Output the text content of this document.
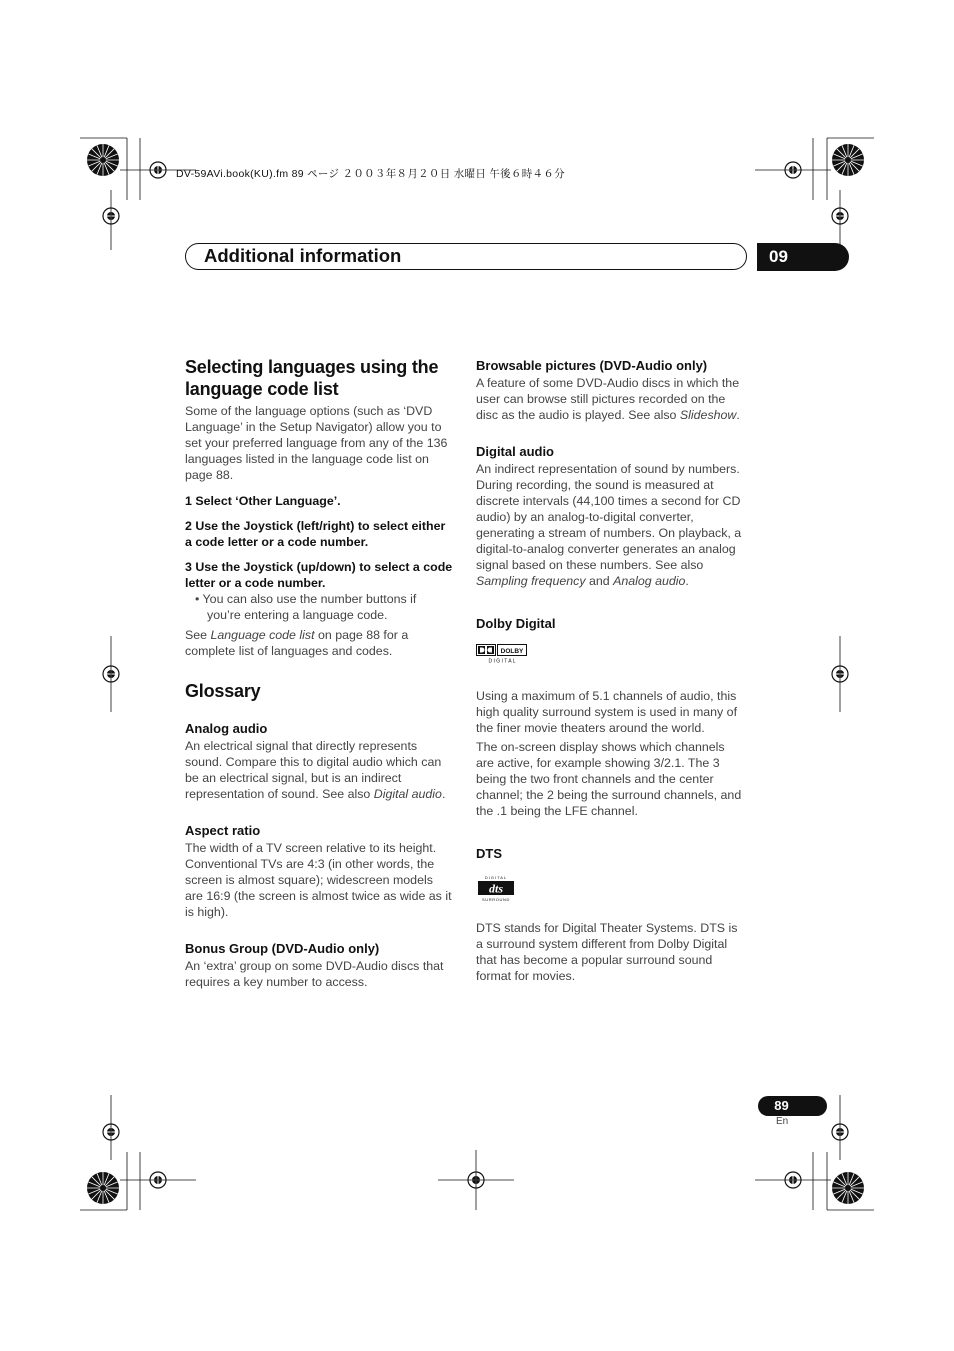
DV-59AVi.book(KU).fm 89 ページ ２００３年８月２０日 水曜日 午後６時４６分
Additional information	09
Selecting languages using the language code list

Some of the language options (such as ‘DVD Language’ in the Setup Navigator) allow you to set your preferred language from any of the 136 languages listed in the language code list on page 88.

1 Select ‘Other Language’.
2 Use the Joystick (left/right) to select either a code letter or a code number.
3 Use the Joystick (up/down) to select a code letter or a code number.
• You can also use the number buttons if you’re entering a language code.

See Language code list on page 88 for a complete list of languages and codes.

Glossary
Analog audio

An electrical signal that directly represents sound. Compare this to digital audio which can be an electrical signal, but is an indirect representation of sound. See also Digital audio.

Aspect ratio

The width of a TV screen relative to its height. Conventional TVs are 4:3 (in other words, the screen is almost square); widescreen models are 16:9 (the screen is almost twice as wide as it is high).

Bonus Group (DVD-Audio only)

An ‘extra’ group on some DVD-Audio discs that requires a key number to access.

Browsable pictures (DVD-Audio only)

A feature of some DVD-Audio discs in which the user can browse still pictures recorded on the disc as the audio is played. See also Slideshow.

Digital audio

An indirect representation of sound by numbers. During recording, the sound is measured at discrete intervals (44,100 times a second for CD audio) by an analog-to-digital converter, generating a stream of numbers. On playback, a digital-to-analog converter generates an analog signal based on these numbers. See also Sampling frequency and Analog audio.

Dolby Digital
DOLBY
D I G I T A L

Using a maximum of 5.1 channels of audio, this high quality surround system is used in many of the finer movie theaters around the world.

The on-screen display shows which channels are active, for example showing 3/2.1. The 3 being the two front channels and the center channel; the 2 being the surround channels, and the .1 being the LFE channel.

DTS
DIGITAL
dts
SURROUND

DTS stands for Digital Theater Systems. DTS is a surround system different from Dolby Digital that has become a popular surround sound format for movies.

89
En
